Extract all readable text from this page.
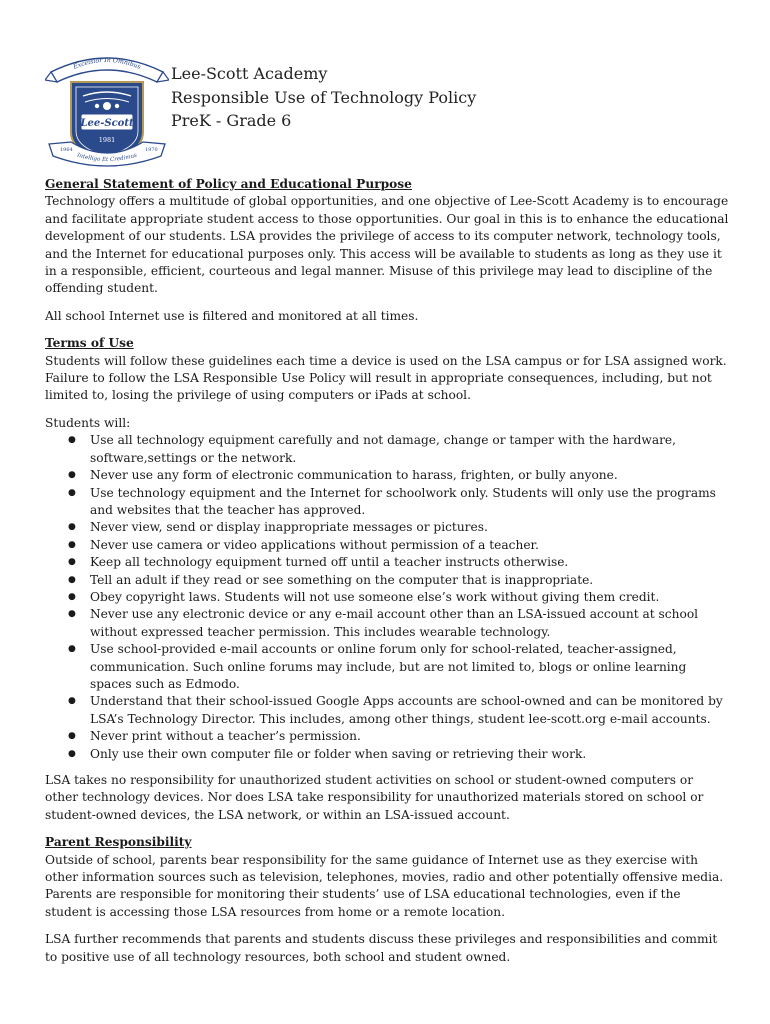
Excelsior In Omnibus
Lee-Scott
1981
1964	1970
Intelligo Et Credimus
Lee-Scott Academy
Responsible Use of Technology Policy
PreK - Grade 6

General Statement of Policy and Educational Purpose

Technology offers a multitude of global opportunities, and one objective of Lee-Scott Academy is to encourage and facilitate appropriate student access to those opportunities. Our goal in this is to enhance the educational development of our students. LSA provides the privilege of access to its computer network, technology tools, and the Internet for educational purposes only. This access will be available to students as long as they use it in a responsible, efficient, courteous and legal manner. Misuse of this privilege may lead to discipline of the offending student.

All school Internet use is filtered and monitored at all times.

Terms of Use

Students will follow these guidelines each time a device is used on the LSA campus or for LSA assigned work. Failure to follow the LSA Responsible Use Policy will result in appropriate consequences, including, but not limited to, losing the privilege of using computers or iPads at school.

Students will:

● Use all technology equipment carefully and not damage, change or tamper with the hardware, software,settings or the network.
● Never use any form of electronic communication to harass, frighten, or bully anyone.
● Use technology equipment and the Internet for schoolwork only. Students will only use the programs and websites that the teacher has approved.
● Never view, send or display inappropriate messages or pictures.
● Never use camera or video applications without permission of a teacher.
● Keep all technology equipment turned off until a teacher instructs otherwise.
● Tell an adult if they read or see something on the computer that is inappropriate.
● Obey copyright laws. Students will not use someone else’s work without giving them credit.
● Never use any electronic device or any e-mail account other than an LSA-issued account at school without expressed teacher permission. This includes wearable technology.
● Use school-provided e-mail accounts or online forum only for school-related, teacher-assigned, communication. Such online forums may include, but are not limited to, blogs or online learning spaces such as Edmodo.
● Understand that their school-issued Google Apps accounts are school-owned and can be monitored by LSA’s Technology Director. This includes, among other things, student lee-scott.org e-mail accounts.
● Never print without a teacher’s permission.
● Only use their own computer file or folder when saving or retrieving their work.

LSA takes no responsibility for unauthorized student activities on school or student-owned computers or other technology devices. Nor does LSA take responsibility for unauthorized materials stored on school or student-owned devices, the LSA network, or within an LSA-issued account.

Parent Responsibility

Outside of school, parents bear responsibility for the same guidance of Internet use as they exercise with other information sources such as television, telephones, movies, radio and other potentially offensive media. Parents are responsible for monitoring their students’ use of LSA educational technologies, even if the student is accessing those LSA resources from home or a remote location.

LSA further recommends that parents and students discuss these privileges and responsibilities and commit to positive use of all technology resources, both school and student owned.
